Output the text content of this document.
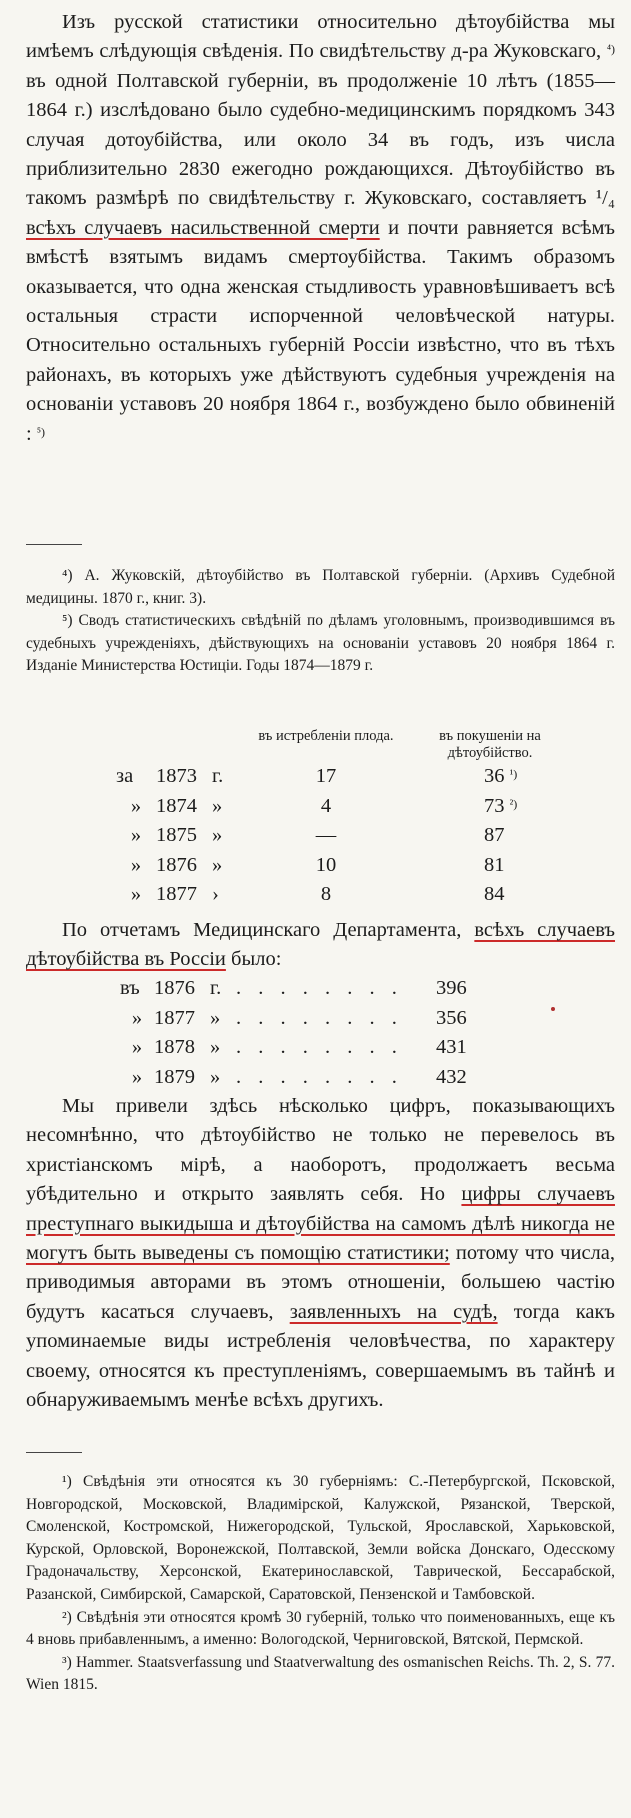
Изъ русской статистики относительно дѣтоубійства мы имѣемъ слѣдующія свѣденія. По свидѣтельству д-ра Жуковскаго, $^{^4)}$ въ одной Полтавской губерніи, въ продолженіе 10 лѣтъ (1855—1864 г.) изслѣдовано было судебно-медицинскимъ порядкомъ 343 случая дотоубійства, или около 34 въ годъ, изъ числа приблизительно 2830 ежегодно рождающихся. Дѣтоубійство въ такомъ размѣрѣ по свидѣтельству г. Жуковскаго, составляетъ ¹/₄ всѣхъ случаевъ насильственной смерти и почти равняется всѣмъ вмѣстѣ взятымъ видамъ смертоубійства. Такимъ образомъ оказывается, что одна женская стыдливость уравновѣшиваетъ всѣ остальныя страсти испорченной человѣческой натуры. Относительно остальныхъ губерній Россіи извѣстно, что въ тѣхъ районахъ, въ которыхъ уже дѣйствуютъ судебныя учрежденія на основаніи уставовъ 20 ноября 1864 г., возбуждено было обвиненій : $^{^5)}$

⁴) А. Жуковскій, дѣтоубійство въ Полтавской губерніи. (Архивъ Судебной медицины. 1870 г., книг. 3).

⁵) Сводъ статистическихъ свѣдѣній по дѣламъ уголовнымъ, производившимся въ судебныхъ учрежденіяхъ, дѣйствующихъ на основаніи уставовъ 20 ноября 1864 г. Изданіе Министерства Юстиціи. Годы 1874—1879 г.

			въ истребленіи плода.		въ покушеніи на дѣтоубійство.
за	1873	г.	17		36 $^{^1)}$
»	1874	»	4		73 $^{^2)}$
»	1875	»	—		87
»	1876	»	10		81
»	1877	›	8		84

По отчетамъ Медицинскаго Департамента, всѣхъ случаевъ дѣтоубійства въ Россіи было:

въ	1876	г.	. . . . . . . .	396
»	1877	»	. . . . . . . .	356
»	1878	»	. . . . . . . .	431
»	1879	»	. . . . . . . .	432

Мы привели здѣсь нѣсколько цифръ, показывающихъ несомнѣнно, что дѣтоубійство не только не перевелось въ христіанскомъ мірѣ, а наоборотъ, продолжаетъ весьма убѣдительно и открыто заявлять себя. Но цифры случаевъ преступнаго выкидыша и дѣтоубійства на самомъ дѣлѣ никогда не могутъ быть выведены съ помощію статистики; потому что числа, приводимыя авторами въ этомъ отношеніи, большею частію будутъ касаться случаевъ, заявленныхъ на судѣ, тогда какъ упоминаемые виды истребленія человѣчества, по характеру своему, относятся къ преступленіямъ, совершаемымъ въ тайнѣ и обнаруживаемымъ менѣе всѣхъ другихъ.

¹) Свѣдѣнія эти относятся къ 30 губерніямъ: С.-Петербургской, Псковской, Новгородской, Московской, Владимірской, Калужской, Рязанской, Тверской, Смоленской, Костромской, Нижегородской, Тульской, Ярославской, Харьковской, Курской, Орловской, Воронежской, Полтавской, Земли войска Донскаго, Одесскому Градоначальству, Херсонской, Екатеринославской, Таврической, Бессарабской, Разанской, Симбирской, Самарской, Саратовской, Пензенской и Тамбовской.

²) Свѣдѣнія эти относятся кромѣ 30 губерній, только что поименованныхъ, еще къ 4 вновь прибавленнымъ, а именно: Вологодской, Черниговской, Вятской, Пермской.

³) Hammer. Staatsverfassung und Staatverwaltung des osmanischen Reichs. Th. 2, S. 77. Wien 1815.
